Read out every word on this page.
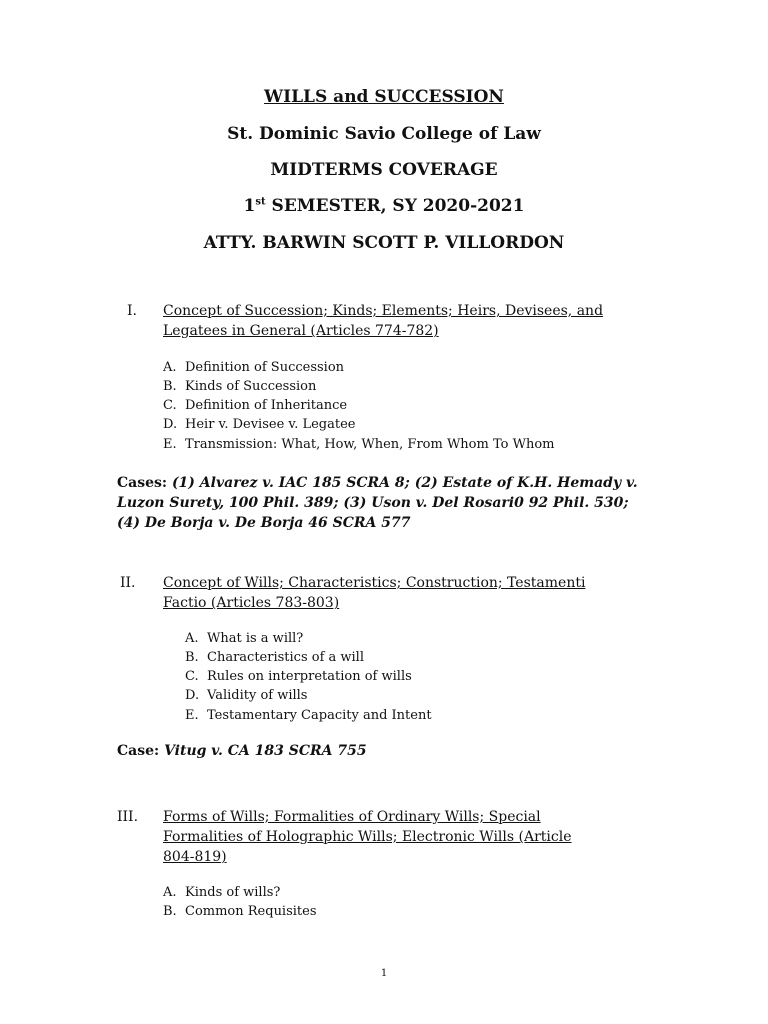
WILLS and SUCCESSION
St. Dominic Savio College of Law
MIDTERMS COVERAGE
1st SEMESTER, SY 2020-2021
ATTY. BARWIN SCOTT P. VILLORDON
I. Concept of Succession; Kinds; Elements; Heirs, Devisees, and
Legatees in General (Articles 774-782)
A. Definition of Succession
B. Kinds of Succession
C. Definition of Inheritance
D. Heir v. Devisee v. Legatee
E. Transmission: What, How, When, From Whom To Whom
Cases: (1) Alvarez v. IAC 185 SCRA 8; (2) Estate of K.H. Hemady v.
Luzon Surety, 100 Phil. 389; (3) Uson v. Del Rosari0 92 Phil. 530;
(4) De Borja v. De Borja 46 SCRA 577
II. Concept of Wills; Characteristics; Construction; Testamenti
Factio (Articles 783-803)
A. What is a will?
B. Characteristics of a will
C. Rules on interpretation of wills
D. Validity of wills
E. Testamentary Capacity and Intent
Case: Vitug v. CA 183 SCRA 755
III. Forms of Wills; Formalities of Ordinary Wills; Special
Formalities of Holographic Wills; Electronic Wills (Article
804-819)
A. Kinds of wills?
B. Common Requisites
1
